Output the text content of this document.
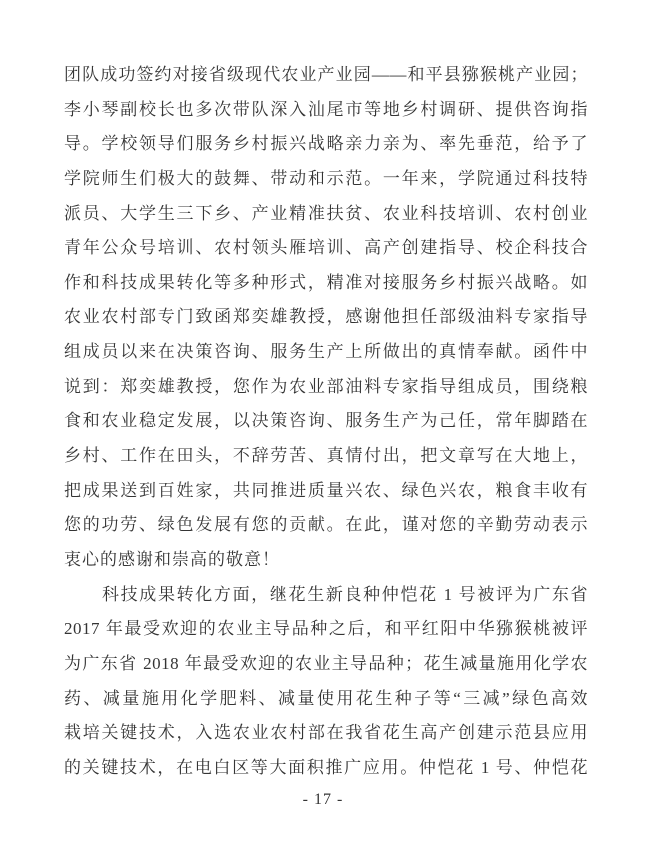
团队成功签约对接省级现代农业产业园——和平县猕猴桃产业园；
李小琴副校长也多次带队深入汕尾市等地乡村调研、提供咨询指
导。学校领导们服务乡村振兴战略亲力亲为、率先垂范，给予了
学院师生们极大的鼓舞、带动和示范。一年来，学院通过科技特
派员、大学生三下乡、产业精准扶贫、农业科技培训、农村创业
青年公众号培训、农村领头雁培训、高产创建指导、校企科技合
作和科技成果转化等多种形式，精准对接服务乡村振兴战略。如
农业农村部专门致函郑奕雄教授，感谢他担任部级油料专家指导
组成员以来在决策咨询、服务生产上所做出的真情奉献。函件中
说到：郑奕雄教授，您作为农业部油料专家指导组成员，围绕粮
食和农业稳定发展，以决策咨询、服务生产为己任，常年脚踏在
乡村、工作在田头，不辞劳苦、真情付出，把文章写在大地上，
把成果送到百姓家，共同推进质量兴农、绿色兴农，粮食丰收有
您的功劳、绿色发展有您的贡献。在此，谨对您的辛勤劳动表示
衷心的感谢和崇高的敬意！
科技成果转化方面，继花生新良种仲恺花 1 号被评为广东省
2017 年最受欢迎的农业主导品种之后，和平红阳中华猕猴桃被评
为广东省 2018 年最受欢迎的农业主导品种；花生减量施用化学农
药、减量施用化学肥料、减量使用花生种子等“三减”绿色高效
栽培关键技术，入选农业农村部在我省花生高产创建示范县应用
的关键技术，在电白区等大面积推广应用。仲恺花 1 号、仲恺花
- 17 -
